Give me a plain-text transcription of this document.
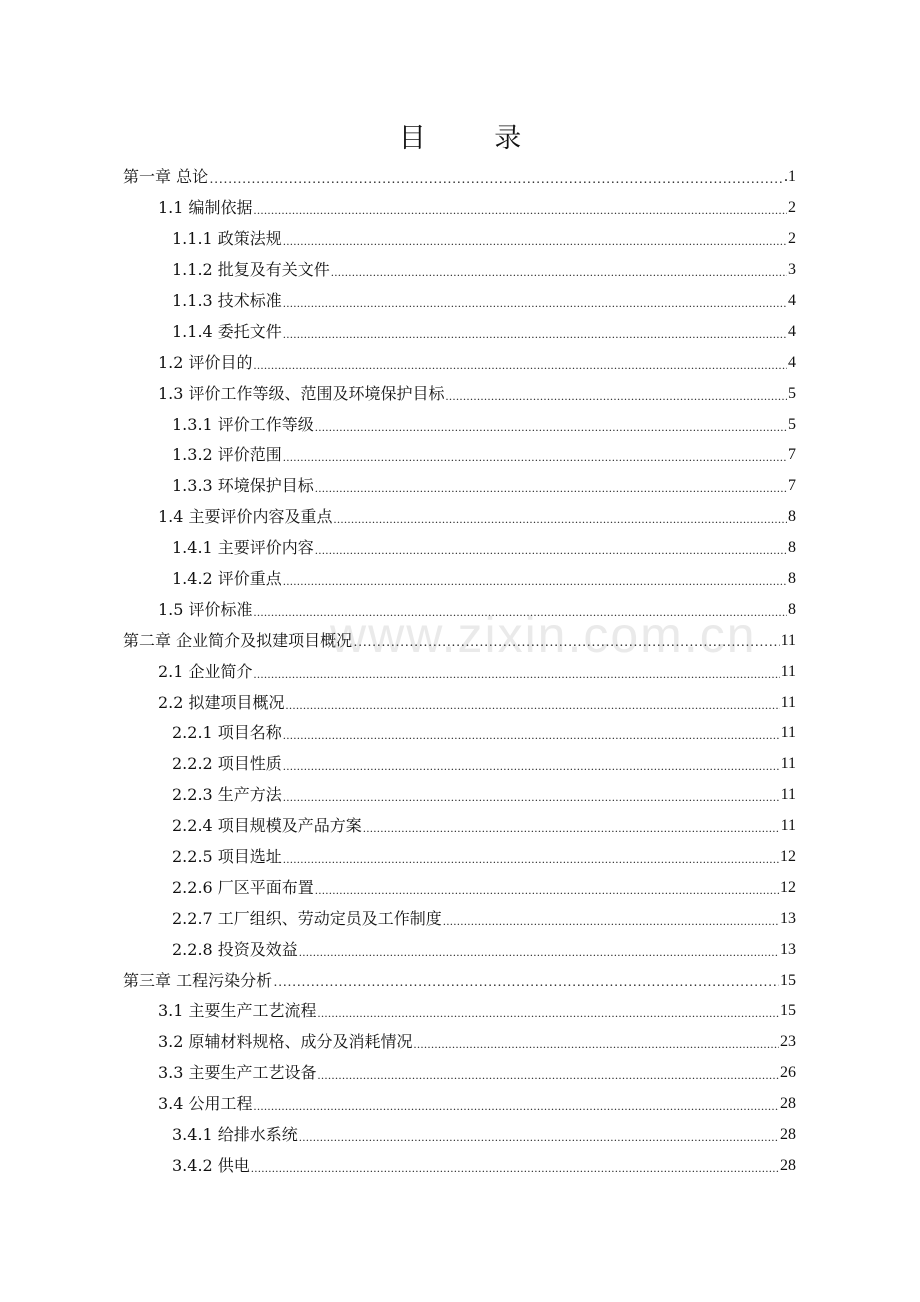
目 录
第一章 总论 …………………………………………………………………………………………………………………………………………………………………………	.1
1.1 编制依据 .....	2
1.1.1 政策法规 .....	2
1.1.2 批复及有关文件 .....	3
1.1.3 技术标准 .....	4
1.1.4 委托文件 .....	4
1.2 评价目的 .....	4
1.3 评价工作等级、范围及环境保护目标 .....	5
1.3.1 评价工作等级 .....	5
1.3.2 评价范围 .....	7
1.3.3 环境保护目标 .....	7
1.4 主要评价内容及重点 .....	8
1.4.1 主要评价内容 .....	8
1.4.2 评价重点 .....	8
1.5 评价标准 .....	8
第二章 企业简介及拟建项目概况 …………………………………………………………………………………………………………………………………………………………………………	11
2.1 企业简介 .....	11
2.2 拟建项目概况 .....	11
2.2.1 项目名称 .....	11
2.2.2 项目性质 .....	11
2.2.3 生产方法 .....	11
2.2.4 项目规模及产品方案 .....	11
2.2.5 项目选址 .....	12
2.2.6 厂区平面布置 .....	12
2.2.7 工厂组织、劳动定员及工作制度 .....	13
2.2.8 投资及效益 .....	13
第三章 工程污染分析 …………………………………………………………………………………………………………………………………………………………………………	15
3.1 主要生产工艺流程 .....	15
3.2 原辅材料规格、成分及消耗情况 .....	23
3.3 主要生产工艺设备 .....	26
3.4 公用工程 .....	28
3.4.1 给排水系统 .....	28
3.4.2 供电 .....	28
www.zixin.com.cn
